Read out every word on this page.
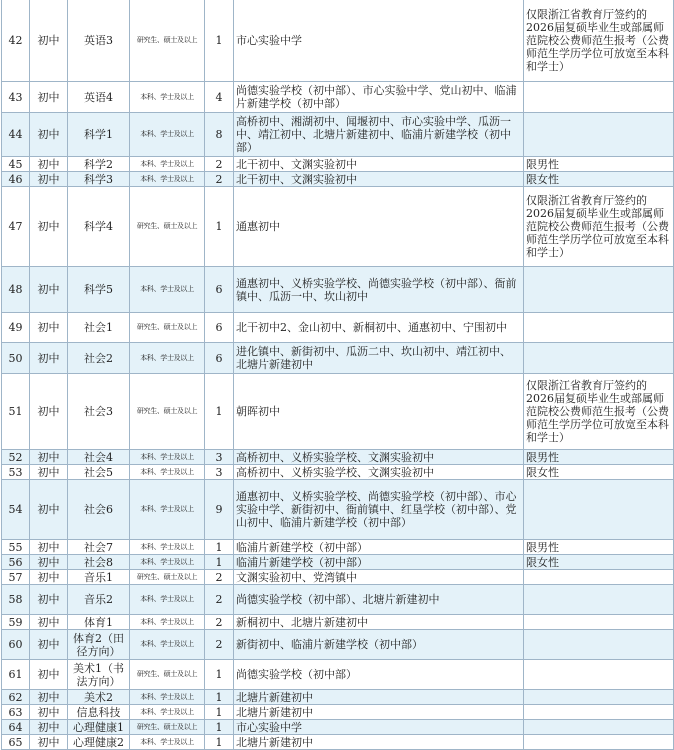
42	初中	英语3	研究生、硕士及以上	1	市心实验中学	仅限浙江省教育厅签约的2026届复硕毕业生或部属师范院校公费师范生报考（公费师范生学历学位可放宽至本科和学士）
43	初中	英语4	本科、学士及以上	4	尚德实验学校（初中部）、市心实验中学、党山初中、临浦片新建学校（初中部）	
44	初中	科学1	本科、学士及以上	8	高桥初中、湘湖初中、闻堰初中、市心实验中学、瓜沥一中、靖江初中、北塘片新建初中、临浦片新建学校（初中部）	
45	初中	科学2	本科、学士及以上	2	北干初中、文渊实验初中	限男性
46	初中	科学3	本科、学士及以上	2	北干初中、文渊实验初中	限女性
47	初中	科学4	研究生、硕士及以上	1	通惠初中	仅限浙江省教育厅签约的2026届复硕毕业生或部属师范院校公费师范生报考（公费师范生学历学位可放宽至本科和学士）
48	初中	科学5	本科、学士及以上	6	通惠初中、义桥实验学校、尚德实验学校（初中部）、衙前镇中、瓜沥一中、坎山初中	
49	初中	社会1	研究生、硕士及以上	6	北干初中2、金山初中、新桐初中、通惠初中、宁围初中	
50	初中	社会2	本科、学士及以上	6	进化镇中、新街初中、瓜沥二中、坎山初中、靖江初中、北塘片新建初中	
51	初中	社会3	研究生、硕士及以上	1	朝晖初中	仅限浙江省教育厅签约的2026届复硕毕业生或部属师范院校公费师范生报考（公费师范生学历学位可放宽至本科和学士）
52	初中	社会4	本科、学士及以上	3	高桥初中、义桥实验学校、文渊实验初中	限男性
53	初中	社会5	本科、学士及以上	3	高桥初中、义桥实验学校、文渊实验初中	限女性
54	初中	社会6	本科、学士及以上	9	通惠初中、义桥实验学校、尚德实验学校（初中部）、市心实验中学、新街初中、衙前镇中、红垦学校（初中部）、党山初中、临浦片新建学校（初中部）	
55	初中	社会7	本科、学士及以上	1	临浦片新建学校（初中部）	限男性
56	初中	社会8	本科、学士及以上	1	临浦片新建学校（初中部）	限女性
57	初中	音乐1	研究生、硕士及以上	2	文渊实验初中、党湾镇中	
58	初中	音乐2	本科、学士及以上	2	尚德实验学校（初中部）、北塘片新建初中	
59	初中	体育1	本科、学士及以上	2	新桐初中、北塘片新建初中	
60	初中	体育2（田径方向）	本科、学士及以上	2	新街初中、临浦片新建学校（初中部）	
61	初中	美术1（书法方向）	研究生、硕士及以上	1	尚德实验学校（初中部）	
62	初中	美术2	本科、学士及以上	1	北塘片新建初中	
63	初中	信息科技	本科、学士及以上	1	北塘片新建初中	
64	初中	心理健康1	研究生、硕士及以上	1	市心实验中学	
65	初中	心理健康2	本科、学士及以上	1	北塘片新建初中	
